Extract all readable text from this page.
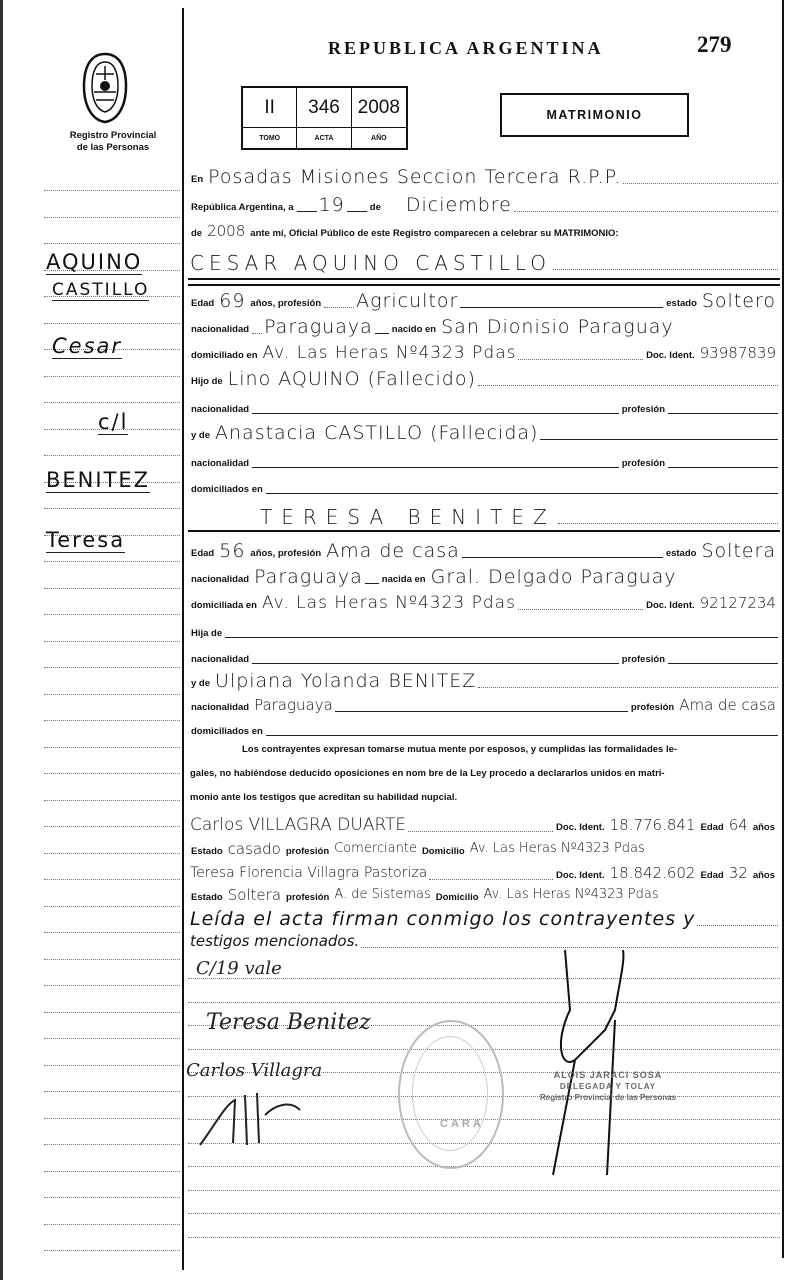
Registro Provincial
de las Personas
REPUBLICA ARGENTINA	279
II	346 2008
TOMO	ACTA	AÑO
MATRIMONIO
AQUINO
CASTILLO
Cesar
c/l
BENITEZ
Teresa
En Posadas Misiones Seccion Tercera R.P.P.
República Argentina, a 19	de Diciembre
de 2008 ante mí, Oficial Público de este Registro comparecen a celebrar su MATRIMONIO:
CESAR AQUINO CASTILLO
Edad 69 años, profesión Agricultor	estado Soltero
nacionalidad Paraguaya	nacido en San Dionisio Paraguay
domiciliado en Av. Las Heras Nº4323 Pdas	Doc. Ident. 93987839
Hijo de Lino AQUINO (Fallecido)
nacionalidad	profesión
y de Anastacia CASTILLO (Fallecida)
nacionalidad	profesión
domiciliados en
TERESA BENITEZ
Edad 56 años, profesión Ama de casa	estado Soltera
nacionalidad Paraguaya	nacida en Gral. Delgado Paraguay
domiciliada en Av. Las Heras Nº4323 Pdas	Doc. Ident. 92127234
Hija de
nacionalidad	profesión
y de Ulpiana Yolanda BENITEZ
nacionalidad Paraguaya	profesión Ama de casa
domiciliados en
Los contrayentes expresan tomarse mutua mente por esposos, y cumplidas las formalidades le-
gales, no habiéndose deducido oposiciones en nom bre de la Ley procedo a declararlos unidos en matri-
monio ante los testigos que acreditan su habilidad nupcial.
Carlos VILLAGRA DUARTE	Doc. Ident. 18.776.841 Edad 64 años
Estado casado profesión Comerciante Domicilio Av. Las Heras Nº4323 Pdas
Teresa Florencia Villagra Pastoriza	Doc. Ident. 18.842.602 Edad 32 años
Estado Soltera profesión A. de Sistemas Domicilio Av. Las Heras Nº4323 Pdas
Leída el acta firman conmigo los contrayentes y
testigos mencionados.
C/19 vale
Teresa Benitez
Carlos Villagra
CARA
ALOIS JARACI SOSA
DELEGADA Y TOLAY
Registro Provincial de las Personas
